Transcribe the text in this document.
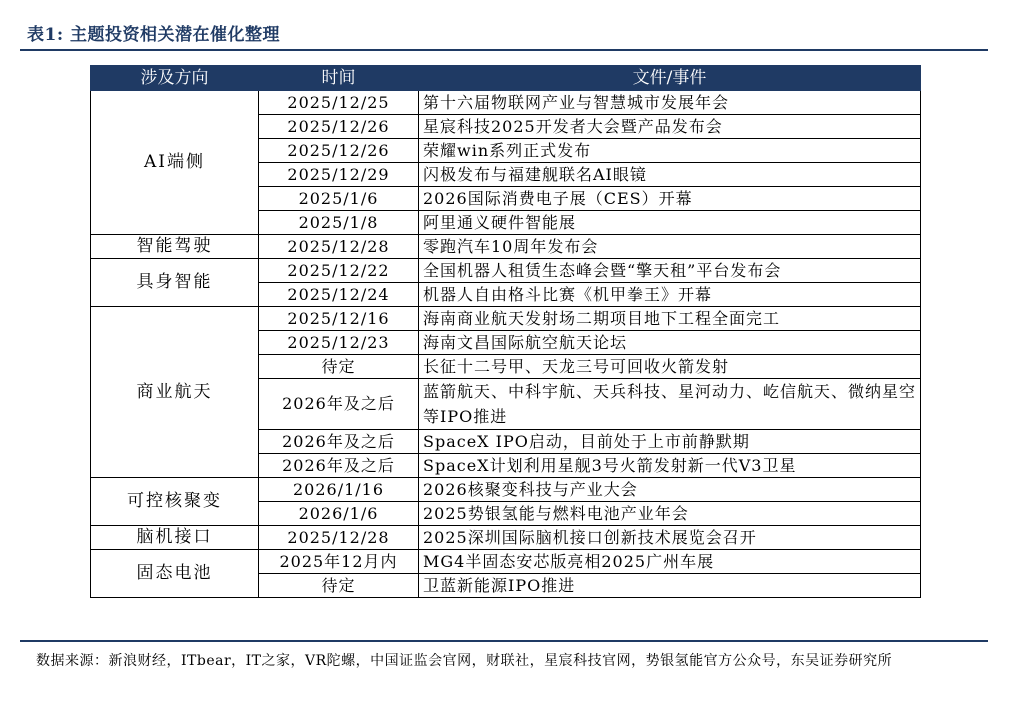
表1: 主题投资相关潜在催化整理
涉及方向	时间	文件/事件
AI端侧	2025/12/25	第十六届物联网产业与智慧城市发展年会
	2025/12/26	星宸科技2025开发者大会暨产品发布会
	2025/12/26	荣耀win系列正式发布
	2025/12/29	闪极发布与福建舰联名AI眼镜
	2025/1/6	2026国际消费电子展（CES）开幕
	2025/1/8	阿里通义硬件智能展
智能驾驶	2025/12/28	零跑汽车10周年发布会
具身智能	2025/12/22	全国机器人租赁生态峰会暨“擎天租”平台发布会
	2025/12/24	机器人自由格斗比赛《机甲拳王》开幕
商业航天	2025/12/16	海南商业航天发射场二期项目地下工程全面完工
	2025/12/23	海南文昌国际航空航天论坛
	待定	长征十二号甲、天龙三号可回收火箭发射
	2026年及之后	蓝箭航天、中科宇航、天兵科技、星河动力、屹信航天、微纳星空等IPO推进
	2026年及之后	SpaceX IPO启动，目前处于上市前静默期
	2026年及之后	SpaceX计划利用星舰3号火箭发射新一代V3卫星
可控核聚变	2026/1/16	2026核聚变科技与产业大会
	2026/1/6	2025势银氢能与燃料电池产业年会
脑机接口	2025/12/28	2025深圳国际脑机接口创新技术展览会召开
固态电池	2025年12月内	MG4半固态安芯版亮相2025广州车展
	待定	卫蓝新能源IPO推进
数据来源：新浪财经，ITbear，IT之家，VR陀螺，中国证监会官网，财联社，星宸科技官网，势银氢能官方公众号，东吴证券研究所
